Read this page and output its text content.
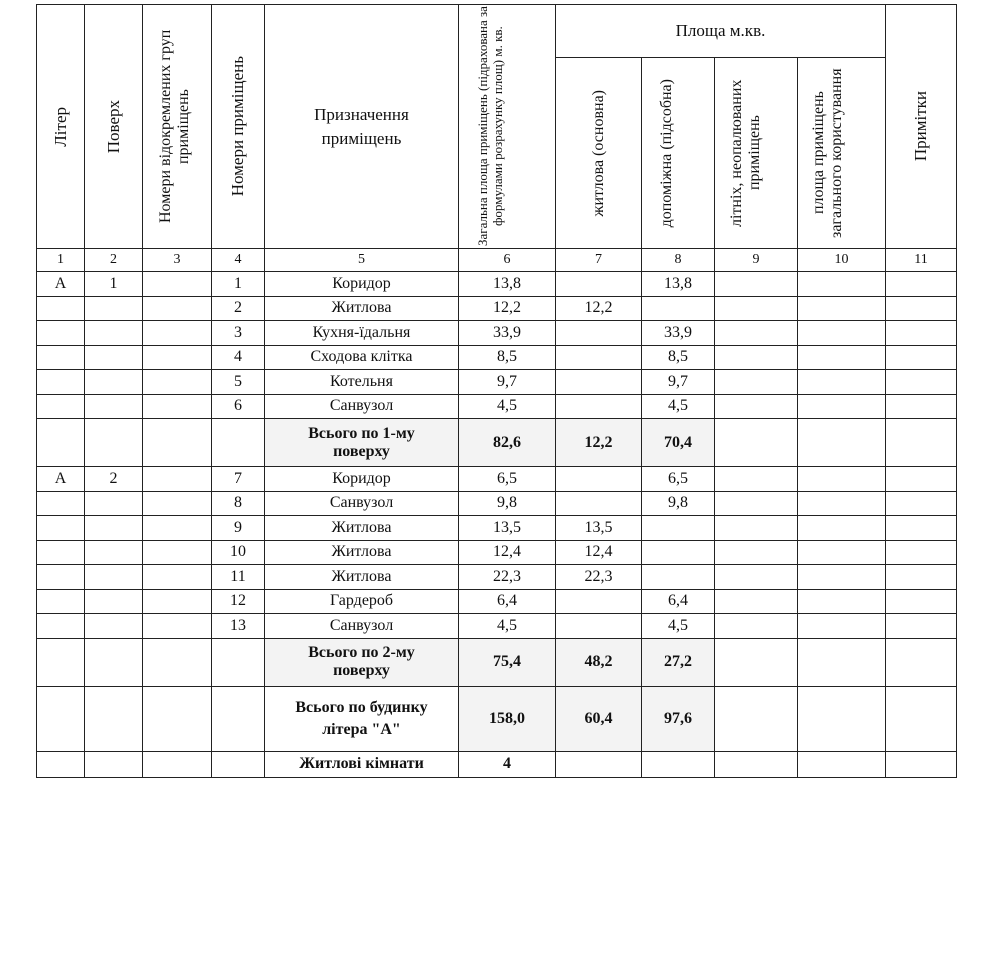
Літер	Поверх	Номери відокремлених груп приміщень	Номери приміщень	Призначення приміщень	Загальна площа приміщень (підрахована за формулами розрахунку площ) м. кв.	Площа м.кв.				Примітки

						житлова (основна)	допоміжна (підсобна)	літніх, неопалюваних приміщень	площа приміщень загального користування	

1	2	3	4	5	6	7	8	9	10	11
А	1		1	Коридор	13,8		13,8			
			2	Житлова	12,2	12,2				
			3	Кухня-їдальня	33,9		33,9			
			4	Сходова клітка	8,5		8,5			
			5	Котельня	9,7		9,7			
			6	Санвузол	4,5		4,5			
				Всього по 1-му поверху	82,6	12,2	70,4			
А	2		7	Коридор	6,5		6,5			
			8	Санвузол	9,8		9,8			
			9	Житлова	13,5	13,5				
			10	Житлова	12,4	12,4				
			11	Житлова	22,3	22,3				
			12	Гардероб	6,4		6,4			
			13	Санвузол	4,5		4,5			
				Всього по 2-му поверху	75,4	48,2	27,2			
				Всього по будинку літера "А"	158,0	60,4	97,6			
				Житлові кімнати	4					
